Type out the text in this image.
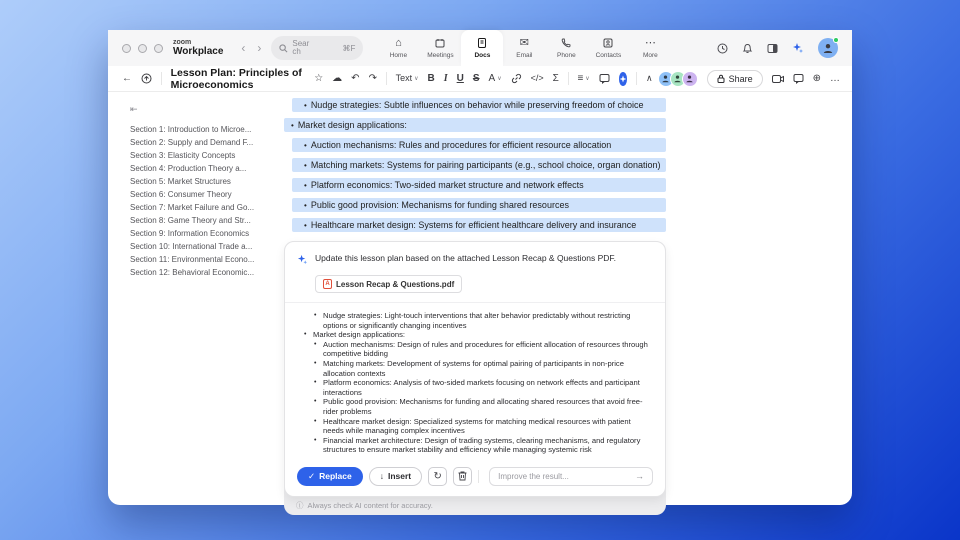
zoom
Workplace ‹ ›	Search	⌘F	⌂
Home	Meetings	Docs
✉
Email	Phone	Contacts
⋯
More
←	Lesson Plan: Principles of Microeconomics
☆ ☁ ↶ ↷ Text ∨ B I U S A ∨	</> Σ ≡ ∨	∧	Share	⊕ …
⇤
Section 1: Introduction to Microe...
Section 2: Supply and Demand F...
Section 3: Elasticity Concepts
Section 4: Production Theory a...
Section 5: Market Structures
Section 6: Consumer Theory
Section 7: Market Failure and Go...
Section 8: Game Theory and Str...
Section 9: Information Economics
Section 10: International Trade a...
Section 11: Environmental Econo...
Section 12: Behavioral Economic...
• Nudge strategies: Subtle influences on behavior while preserving freedom of choice
• Market design applications:
• Auction mechanisms: Rules and procedures for efficient resource allocation
• Matching markets: Systems for pairing participants (e.g., school choice, organ donation)
• Platform economics: Two-sided market structure and network effects
• Public good provision: Mechanisms for funding shared resources
• Healthcare market design: Systems for efficient healthcare delivery and insurance
Update this lesson plan based on the attached Lesson Recap & Questions PDF.
A Lesson Recap & Questions.pdf
• Nudge strategies: Light-touch interventions that alter behavior predictably without restricting options or significantly changing incentives
• Market design applications:
• Auction mechanisms: Design of rules and procedures for efficient allocation of resources through competitive bidding
• Matching markets: Development of systems for optimal pairing of participants in non-price allocation contexts
• Platform economics: Analysis of two-sided markets focusing on network effects and participant interactions
• Public good provision: Mechanisms for funding and allocating shared resources that avoid free-rider problems
• Healthcare market design: Specialized systems for matching medical resources with patient needs while managing complex incentives
• Financial market architecture: Design of trading systems, clearing mechanisms, and regulatory structures to ensure market stability and efficiency while managing systemic risk
✓ Replace	↓ Insert ↻
Improve the result...	→
ⓘ Always check AI content for accuracy.
